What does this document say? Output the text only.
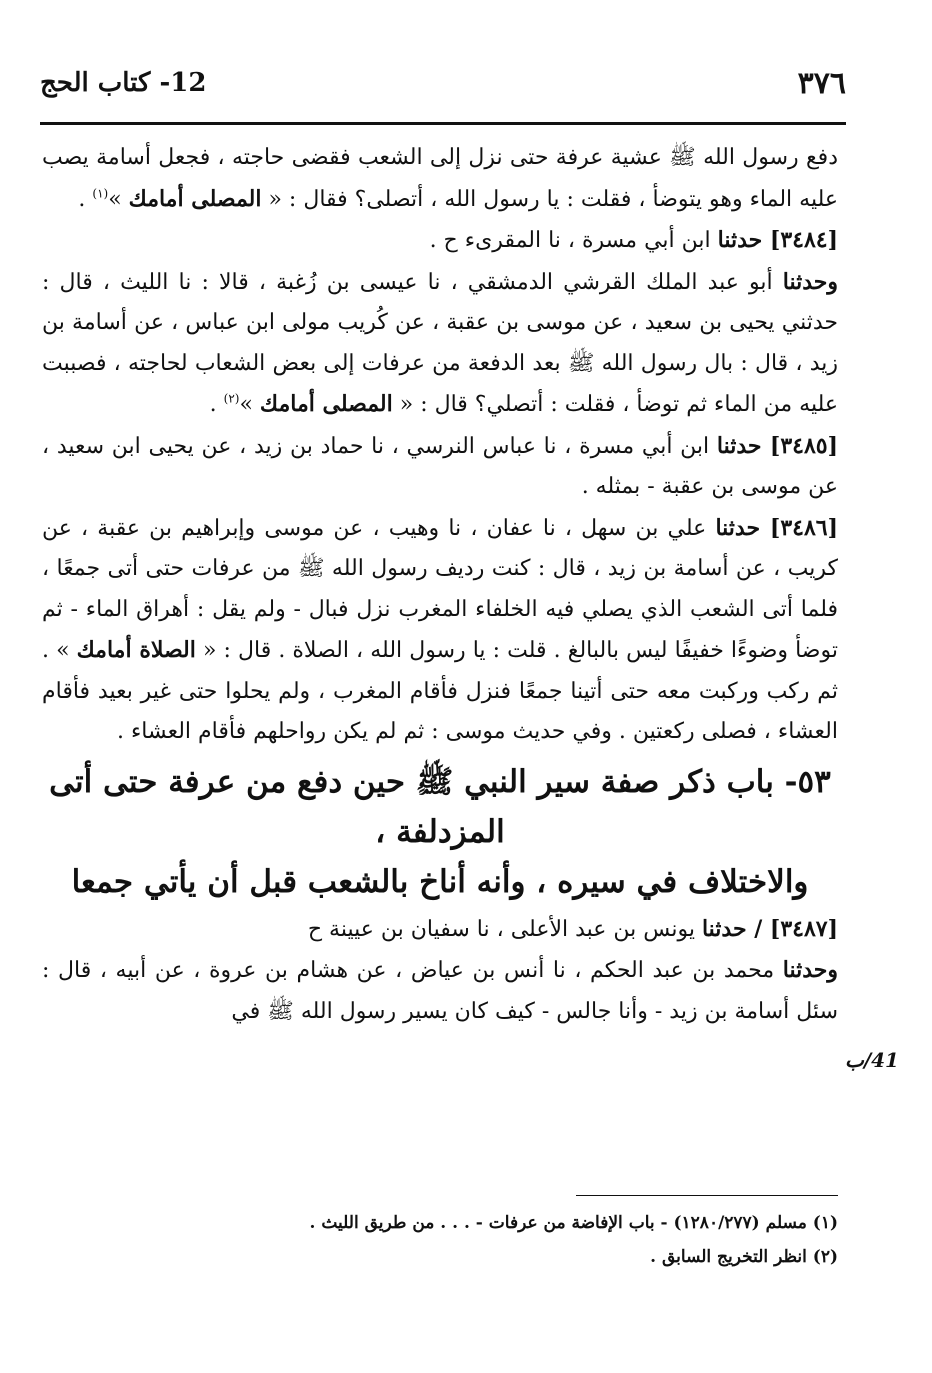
٣٧٦
12- كتاب الحج

دفع رسول الله ﷺ عشية عرفة حتى نزل إلى الشعب فقضى حاجته ، فجعل أسامة يصب عليه الماء وهو يتوضأ ، فقلت : يا رسول الله ، أتصلى؟ فقال : « المصلى أمامك »$^{(١)}$ .

[٣٤٨٤] حدثنا ابن أبي مسرة ، نا المقرىء ح .

وحدثنا أبو عبد الملك القرشي الدمشقي ، نا عيسى بن زُغبة ، قالا : نا الليث ، قال : حدثني يحيى بن سعيد ، عن موسى بن عقبة ، عن كُريب مولى ابن عباس ، عن أسامة بن زيد ، قال : بال رسول الله ﷺ بعد الدفعة من عرفات إلى بعض الشعاب لحاجته ، فصببت عليه من الماء ثم توضأ ، فقلت : أتصلي؟ قال : « المصلى أمامك »$^{(٢)}$ .

[٣٤٨٥] حدثنا ابن أبي مسرة ، نا عباس النرسي ، نا حماد بن زيد ، عن يحيى ابن سعيد ، عن موسى بن عقبة - بمثله .

[٣٤٨٦] حدثنا علي بن سهل ، نا عفان ، نا وهيب ، عن موسى وإبراهيم بن عقبة ، عن كريب ، عن أسامة بن زيد ، قال : كنت رديف رسول الله ﷺ من عرفات حتى أتى جمعًا ، فلما أتى الشعب الذي يصلي فيه الخلفاء المغرب نزل فبال - ولم يقل : أهراق الماء - ثم توضأ وضوءًا خفيفًا ليس بالبالغ . قلت : يا رسول الله ، الصلاة . قال : « الصلاة أمامك » . ثم ركب وركبت معه حتى أتينا جمعًا فنزل فأقام المغرب ، ولم يحلوا حتى غير بعيد فأقام العشاء ، فصلى ركعتين . وفي حديث موسى : ثم لم يكن رواحلهم فأقام العشاء .

٥٣- باب ذكر صفة سير النبي ﷺ حين دفع من عرفة حتى أتى المزدلفة ،
والاختلاف في سيره ، وأنه أناخ بالشعب قبل أن يأتي جمعا

[٣٤٨٧] / حدثنا يونس بن عبد الأعلى ، نا سفيان بن عيينة ح

وحدثنا محمد بن عبد الحكم ، نا أنس بن عياض ، عن هشام بن عروة ، عن أبيه ، قال : سئل أسامة بن زيد - وأنا جالس - كيف كان يسير رسول الله ﷺ في

41/ب

(١) مسلم (١٢٨٠/٢٧٧) - باب الإفاضة من عرفات - . . . من طريق الليث .

(٢) انظر التخريج السابق .
